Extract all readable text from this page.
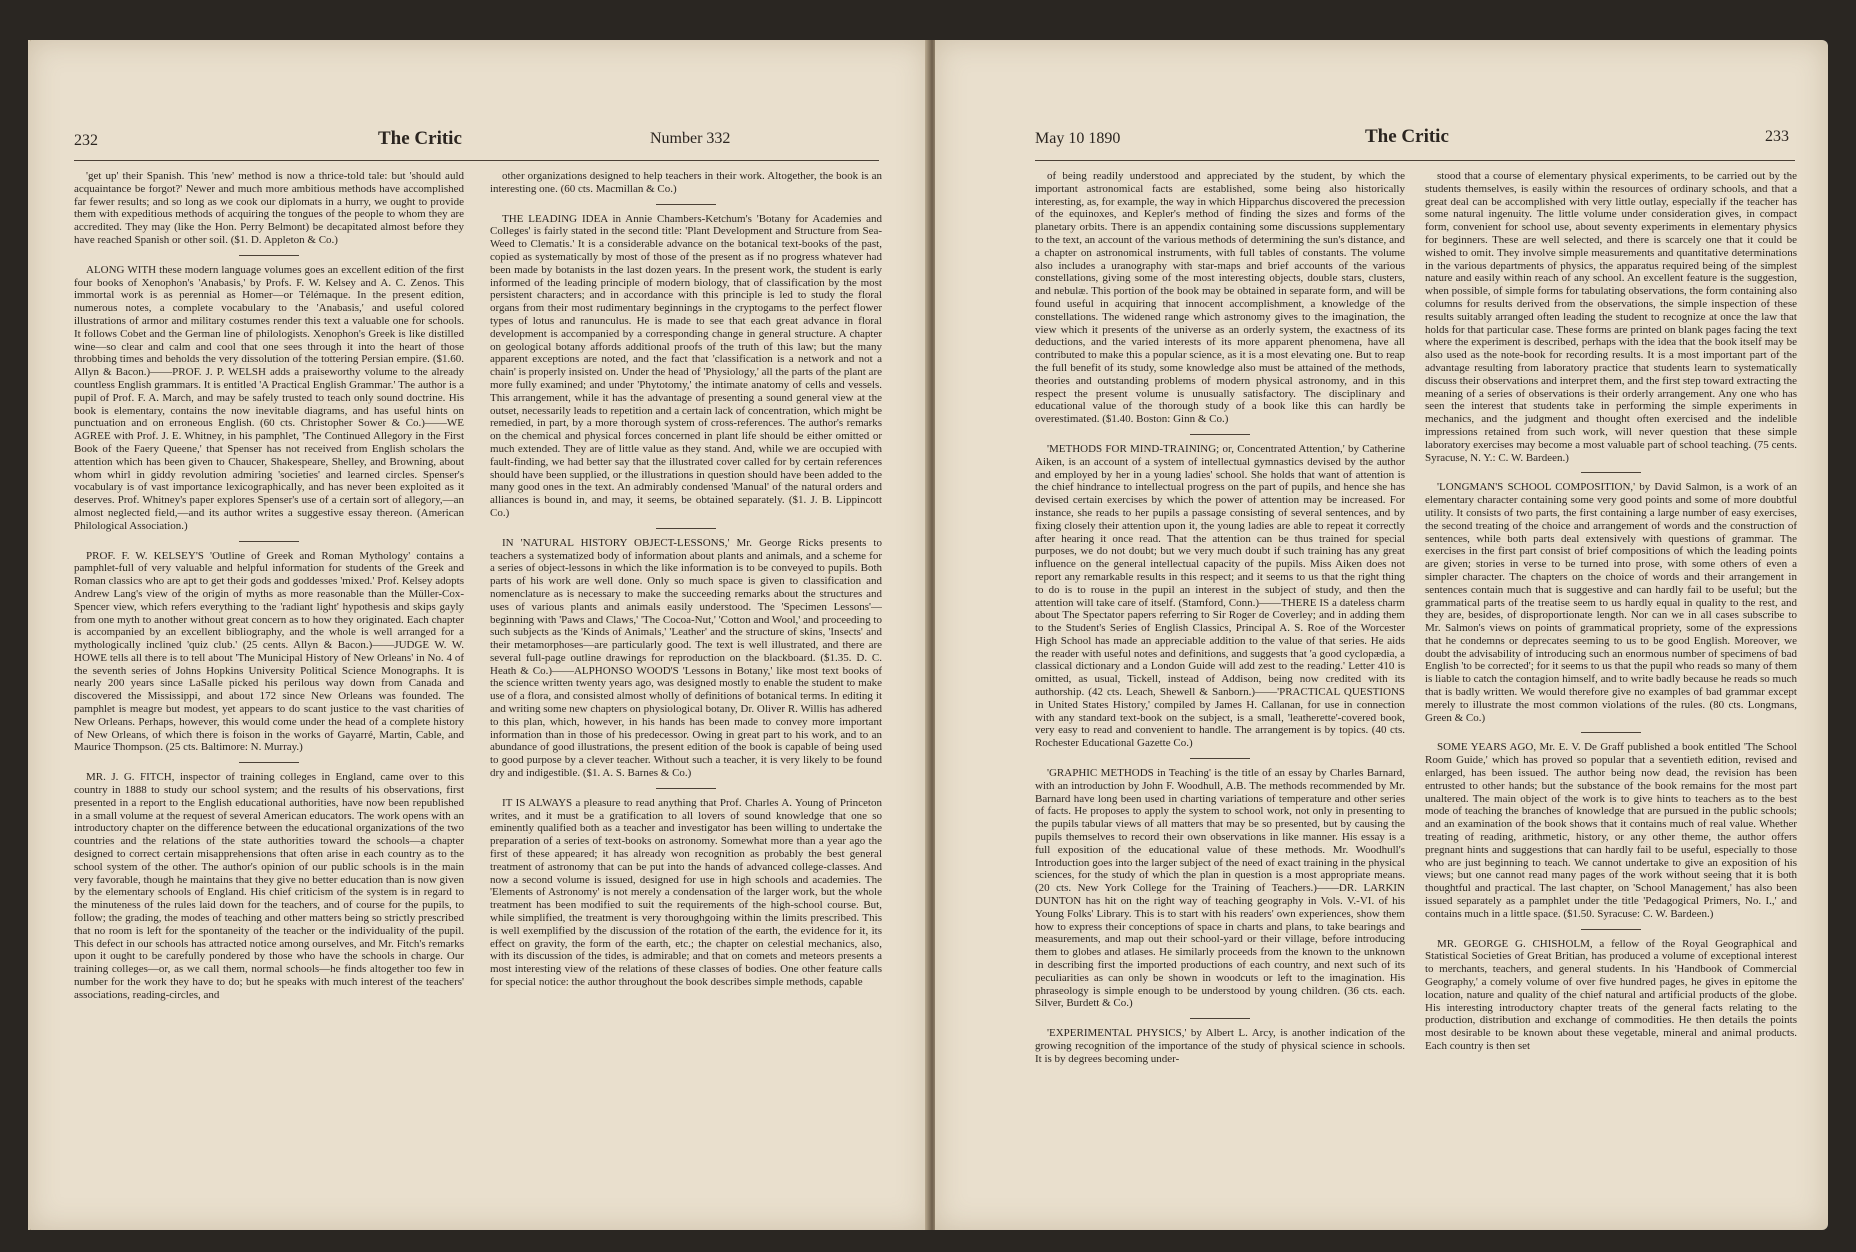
232	The Critic	Number 332

'get up' their Spanish. This 'new' method is now a thrice-told tale: but 'should auld acquaintance be forgot?' Newer and much more ambitious methods have accomplished far fewer results; and so long as we cook our diplomats in a hurry, we ought to provide them with expeditious methods of acquiring the tongues of the people to whom they are accredited. They may (like the Hon. Perry Belmont) be decapitated almost before they have reached Spanish or other soil. ($1. D. Appleton & Co.)

ALONG WITH these modern language volumes goes an excellent edition of the first four books of Xenophon's 'Anabasis,' by Profs. F. W. Kelsey and A. C. Zenos. This immortal work is as perennial as Homer—or Télémaque. In the present edition, numerous notes, a complete vocabulary to the 'Anabasis,' and useful colored illustrations of armor and military costumes render this text a valuable one for schools. It follows Cobet and the German line of philologists. Xenophon's Greek is like distilled wine—so clear and calm and cool that one sees through it into the heart of those throbbing times and beholds the very dissolution of the tottering Persian empire. ($1.60. Allyn & Bacon.)——PROF. J. P. WELSH adds a praiseworthy volume to the already countless English grammars. It is entitled 'A Practical English Grammar.' The author is a pupil of Prof. F. A. March, and may be safely trusted to teach only sound doctrine. His book is elementary, contains the now inevitable diagrams, and has useful hints on punctuation and on erroneous English. (60 cts. Christopher Sower & Co.)——WE AGREE with Prof. J. E. Whitney, in his pamphlet, 'The Continued Allegory in the First Book of the Faery Queene,' that Spenser has not received from English scholars the attention which has been given to Chaucer, Shakespeare, Shelley, and Browning, about whom whirl in giddy revolution admiring 'societies' and learned circles. Spenser's vocabulary is of vast importance lexicographically, and has never been exploited as it deserves. Prof. Whitney's paper explores Spenser's use of a certain sort of allegory,—an almost neglected field,—and its author writes a suggestive essay thereon. (American Philological Association.)

PROF. F. W. KELSEY'S 'Outline of Greek and Roman Mythology' contains a pamphlet-full of very valuable and helpful information for students of the Greek and Roman classics who are apt to get their gods and goddesses 'mixed.' Prof. Kelsey adopts Andrew Lang's view of the origin of myths as more reasonable than the Müller-Cox-Spencer view, which refers everything to the 'radiant light' hypothesis and skips gayly from one myth to another without great concern as to how they originated. Each chapter is accompanied by an excellent bibliography, and the whole is well arranged for a mythologically inclined 'quiz club.' (25 cents. Allyn & Bacon.)——JUDGE W. W. HOWE tells all there is to tell about 'The Municipal History of New Orleans' in No. 4 of the seventh series of Johns Hopkins University Political Science Monographs. It is nearly 200 years since LaSalle picked his perilous way down from Canada and discovered the Mississippi, and about 172 since New Orleans was founded. The pamphlet is meagre but modest, yet appears to do scant justice to the vast charities of New Orleans. Perhaps, however, this would come under the head of a complete history of New Orleans, of which there is foison in the works of Gayarré, Martin, Cable, and Maurice Thompson. (25 cts. Baltimore: N. Murray.)

MR. J. G. FITCH, inspector of training colleges in England, came over to this country in 1888 to study our school system; and the results of his observations, first presented in a report to the English educational authorities, have now been republished in a small volume at the request of several American educators. The work opens with an introductory chapter on the difference between the educational organizations of the two countries and the relations of the state authorities toward the schools—a chapter designed to correct certain misapprehensions that often arise in each country as to the school system of the other. The author's opinion of our public schools is in the main very favorable, though he maintains that they give no better education than is now given by the elementary schools of England. His chief criticism of the system is in regard to the minuteness of the rules laid down for the teachers, and of course for the pupils, to follow; the grading, the modes of teaching and other matters being so strictly prescribed that no room is left for the spontaneity of the teacher or the individuality of the pupil. This defect in our schools has attracted notice among ourselves, and Mr. Fitch's remarks upon it ought to be carefully pondered by those who have the schools in charge. Our training colleges—or, as we call them, normal schools—he finds altogether too few in number for the work they have to do; but he speaks with much interest of the teachers' associations, reading-circles, and

other organizations designed to help teachers in their work. Altogether, the book is an interesting one. (60 cts. Macmillan & Co.)

THE LEADING IDEA in Annie Chambers-Ketchum's 'Botany for Academies and Colleges' is fairly stated in the second title: 'Plant Development and Structure from Sea-Weed to Clematis.' It is a considerable advance on the botanical text-books of the past, copied as systematically by most of those of the present as if no progress whatever had been made by botanists in the last dozen years. In the present work, the student is early informed of the leading principle of modern biology, that of classification by the most persistent characters; and in accordance with this principle is led to study the floral organs from their most rudimentary beginnings in the cryptogams to the perfect flower types of lotus and ranunculus. He is made to see that each great advance in floral development is accompanied by a corresponding change in general structure. A chapter on geological botany affords additional proofs of the truth of this law; but the many apparent exceptions are noted, and the fact that 'classification is a network and not a chain' is properly insisted on. Under the head of 'Physiology,' all the parts of the plant are more fully examined; and under 'Phytotomy,' the intimate anatomy of cells and vessels. This arrangement, while it has the advantage of presenting a sound general view at the outset, necessarily leads to repetition and a certain lack of concentration, which might be remedied, in part, by a more thorough system of cross-references. The author's remarks on the chemical and physical forces concerned in plant life should be either omitted or much extended. They are of little value as they stand. And, while we are occupied with fault-finding, we had better say that the illustrated cover called for by certain references should have been supplied, or the illustrations in question should have been added to the many good ones in the text. An admirably condensed 'Manual' of the natural orders and alliances is bound in, and may, it seems, be obtained separately. ($1. J. B. Lippincott Co.)

IN 'NATURAL HISTORY OBJECT-LESSONS,' Mr. George Ricks presents to teachers a systematized body of information about plants and animals, and a scheme for a series of object-lessons in which the like information is to be conveyed to pupils. Both parts of his work are well done. Only so much space is given to classification and nomenclature as is necessary to make the succeeding remarks about the structures and uses of various plants and animals easily understood. The 'Specimen Lessons'—beginning with 'Paws and Claws,' 'The Cocoa-Nut,' 'Cotton and Wool,' and proceeding to such subjects as the 'Kinds of Animals,' 'Leather' and the structure of skins, 'Insects' and their metamorphoses—are particularly good. The text is well illustrated, and there are several full-page outline drawings for reproduction on the blackboard. ($1.35. D. C. Heath & Co.)——ALPHONSO WOOD'S 'Lessons in Botany,' like most text books of the science written twenty years ago, was designed mostly to enable the student to make use of a flora, and consisted almost wholly of definitions of botanical terms. In editing it and writing some new chapters on physiological botany, Dr. Oliver R. Willis has adhered to this plan, which, however, in his hands has been made to convey more important information than in those of his predecessor. Owing in great part to his work, and to an abundance of good illustrations, the present edition of the book is capable of being used to good purpose by a clever teacher. Without such a teacher, it is very likely to be found dry and indigestible. ($1. A. S. Barnes & Co.)

IT IS ALWAYS a pleasure to read anything that Prof. Charles A. Young of Princeton writes, and it must be a gratification to all lovers of sound knowledge that one so eminently qualified both as a teacher and investigator has been willing to undertake the preparation of a series of text-books on astronomy. Somewhat more than a year ago the first of these appeared; it has already won recognition as probably the best general treatment of astronomy that can be put into the hands of advanced college-classes. And now a second volume is issued, designed for use in high schools and academies. The 'Elements of Astronomy' is not merely a condensation of the larger work, but the whole treatment has been modified to suit the requirements of the high-school course. But, while simplified, the treatment is very thoroughgoing within the limits prescribed. This is well exemplified by the discussion of the rotation of the earth, the evidence for it, its effect on gravity, the form of the earth, etc.; the chapter on celestial mechanics, also, with its discussion of the tides, is admirable; and that on comets and meteors presents a most interesting view of the relations of these classes of bodies. One other feature calls for special notice: the author throughout the book describes simple methods, capable

May 10 1890	The Critic	233

of being readily understood and appreciated by the student, by which the important astronomical facts are established, some being also historically interesting, as, for example, the way in which Hipparchus discovered the precession of the equinoxes, and Kepler's method of finding the sizes and forms of the planetary orbits. There is an appendix containing some discussions supplementary to the text, an account of the various methods of determining the sun's distance, and a chapter on astronomical instruments, with full tables of constants. The volume also includes a uranography with star-maps and brief accounts of the various constellations, giving some of the most interesting objects, double stars, clusters, and nebulæ. This portion of the book may be obtained in separate form, and will be found useful in acquiring that innocent accomplishment, a knowledge of the constellations. The widened range which astronomy gives to the imagination, the view which it presents of the universe as an orderly system, the exactness of its deductions, and the varied interests of its more apparent phenomena, have all contributed to make this a popular science, as it is a most elevating one. But to reap the full benefit of its study, some knowledge also must be attained of the methods, theories and outstanding problems of modern physical astronomy, and in this respect the present volume is unusually satisfactory. The disciplinary and educational value of the thorough study of a book like this can hardly be overestimated. ($1.40. Boston: Ginn & Co.)

'METHODS FOR MIND-TRAINING; or, Concentrated Attention,' by Catherine Aiken, is an account of a system of intellectual gymnastics devised by the author and employed by her in a young ladies' school. She holds that want of attention is the chief hindrance to intellectual progress on the part of pupils, and hence she has devised certain exercises by which the power of attention may be increased. For instance, she reads to her pupils a passage consisting of several sentences, and by fixing closely their attention upon it, the young ladies are able to repeat it correctly after hearing it once read. That the attention can be thus trained for special purposes, we do not doubt; but we very much doubt if such training has any great influence on the general intellectual capacity of the pupils. Miss Aiken does not report any remarkable results in this respect; and it seems to us that the right thing to do is to rouse in the pupil an interest in the subject of study, and then the attention will take care of itself. (Stamford, Conn.)——THERE IS a dateless charm about The Spectator papers referring to Sir Roger de Coverley; and in adding them to the Student's Series of English Classics, Principal A. S. Roe of the Worcester High School has made an appreciable addition to the value of that series. He aids the reader with useful notes and definitions, and suggests that 'a good cyclopædia, a classical dictionary and a London Guide will add zest to the reading.' Letter 410 is omitted, as usual, Tickell, instead of Addison, being now credited with its authorship. (42 cts. Leach, Shewell & Sanborn.)——'PRACTICAL QUESTIONS in United States History,' compiled by James H. Callanan, for use in connection with any standard text-book on the subject, is a small, 'leatherette'-covered book, very easy to read and convenient to handle. The arrangement is by topics. (40 cts. Rochester Educational Gazette Co.)

'GRAPHIC METHODS in Teaching' is the title of an essay by Charles Barnard, with an introduction by John F. Woodhull, A.B. The methods recommended by Mr. Barnard have long been used in charting variations of temperature and other series of facts. He proposes to apply the system to school work, not only in presenting to the pupils tabular views of all matters that may be so presented, but by causing the pupils themselves to record their own observations in like manner. His essay is a full exposition of the educational value of these methods. Mr. Woodhull's Introduction goes into the larger subject of the need of exact training in the physical sciences, for the study of which the plan in question is a most appropriate means. (20 cts. New York College for the Training of Teachers.)——DR. LARKIN DUNTON has hit on the right way of teaching geography in Vols. V.-VI. of his Young Folks' Library. This is to start with his readers' own experiences, show them how to express their conceptions of space in charts and plans, to take bearings and measurements, and map out their school-yard or their village, before introducing them to globes and atlases. He similarly proceeds from the known to the unknown in describing first the imported productions of each country, and next such of its peculiarities as can only be shown in woodcuts or left to the imagination. His phraseology is simple enough to be understood by young children. (36 cts. each. Silver, Burdett & Co.)

'EXPERIMENTAL PHYSICS,' by Albert L. Arcy, is another indication of the growing recognition of the importance of the study of physical science in schools. It is by degrees becoming under-

stood that a course of elementary physical experiments, to be carried out by the students themselves, is easily within the resources of ordinary schools, and that a great deal can be accomplished with very little outlay, especially if the teacher has some natural ingenuity. The little volume under consideration gives, in compact form, convenient for school use, about seventy experiments in elementary physics for beginners. These are well selected, and there is scarcely one that it could be wished to omit. They involve simple measurements and quantitative determinations in the various departments of physics, the apparatus required being of the simplest nature and easily within reach of any school. An excellent feature is the suggestion, when possible, of simple forms for tabulating observations, the form containing also columns for results derived from the observations, the simple inspection of these results suitably arranged often leading the student to recognize at once the law that holds for that particular case. These forms are printed on blank pages facing the text where the experiment is described, perhaps with the idea that the book itself may be also used as the note-book for recording results. It is a most important part of the advantage resulting from laboratory practice that students learn to systematically discuss their observations and interpret them, and the first step toward extracting the meaning of a series of observations is their orderly arrangement. Any one who has seen the interest that students take in performing the simple experiments in mechanics, and the judgment and thought often exercised and the indelible impressions retained from such work, will never question that these simple laboratory exercises may become a most valuable part of school teaching. (75 cents. Syracuse, N. Y.: C. W. Bardeen.)

'LONGMAN'S SCHOOL COMPOSITION,' by David Salmon, is a work of an elementary character containing some very good points and some of more doubtful utility. It consists of two parts, the first containing a large number of easy exercises, the second treating of the choice and arrangement of words and the construction of sentences, while both parts deal extensively with questions of grammar. The exercises in the first part consist of brief compositions of which the leading points are given; stories in verse to be turned into prose, with some others of even a simpler character. The chapters on the choice of words and their arrangement in sentences contain much that is suggestive and can hardly fail to be useful; but the grammatical parts of the treatise seem to us hardly equal in quality to the rest, and they are, besides, of disproportionate length. Nor can we in all cases subscribe to Mr. Salmon's views on points of grammatical propriety, some of the expressions that he condemns or deprecates seeming to us to be good English. Moreover, we doubt the advisability of introducing such an enormous number of specimens of bad English 'to be corrected'; for it seems to us that the pupil who reads so many of them is liable to catch the contagion himself, and to write badly because he reads so much that is badly written. We would therefore give no examples of bad grammar except merely to illustrate the most common violations of the rules. (80 cts. Longmans, Green & Co.)

SOME YEARS AGO, Mr. E. V. De Graff published a book entitled 'The School Room Guide,' which has proved so popular that a seventieth edition, revised and enlarged, has been issued. The author being now dead, the revision has been entrusted to other hands; but the substance of the book remains for the most part unaltered. The main object of the work is to give hints to teachers as to the best mode of teaching the branches of knowledge that are pursued in the public schools; and an examination of the book shows that it contains much of real value. Whether treating of reading, arithmetic, history, or any other theme, the author offers pregnant hints and suggestions that can hardly fail to be useful, especially to those who are just beginning to teach. We cannot undertake to give an exposition of his views; but one cannot read many pages of the work without seeing that it is both thoughtful and practical. The last chapter, on 'School Management,' has also been issued separately as a pamphlet under the title 'Pedagogical Primers, No. I.,' and contains much in a little space. ($1.50. Syracuse: C. W. Bardeen.)

MR. GEORGE G. CHISHOLM, a fellow of the Royal Geographical and Statistical Societies of Great Britian, has produced a volume of exceptional interest to merchants, teachers, and general students. In his 'Handbook of Commercial Geography,' a comely volume of over five hundred pages, he gives in epitome the location, nature and quality of the chief natural and artificial products of the globe. His interesting introductory chapter treats of the general facts relating to the production, distribution and exchange of commodities. He then details the points most desirable to be known about these vegetable, mineral and animal products. Each country is then set
